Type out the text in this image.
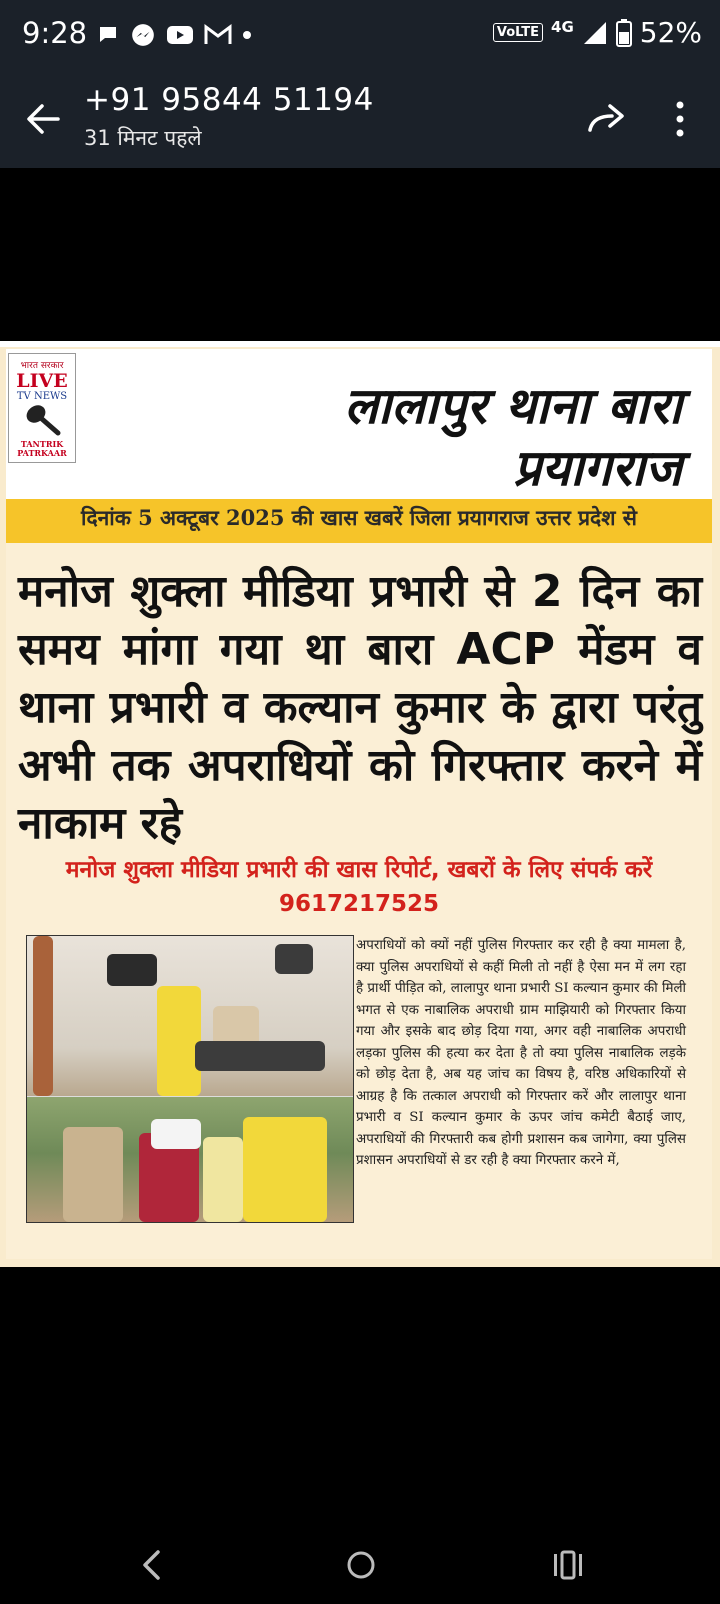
9:28	VoLTE 4G 52%
+91 95844 51194
31 मिनट पहले
भारत सरकार
LIVE
TV NEWS
TANTRIK
PATRKAAR
लालापुर थाना बारा
प्रयागराज
दिनांक 5 अक्टूबर 2025 की खास खबरें जिला प्रयागराज उत्तर प्रदेश से
मनोज शुक्ला मीडिया प्रभारी से 2 दिन का समय मांगा गया था बारा ACP मेंडम व थाना प्रभारी व कल्यान कुमार के द्वारा परंतु अभी तक अपराधियों को गिरफ्तार करने में नाकाम रहे
मनोज शुक्ला मीडिया प्रभारी की खास रिपोर्ट, खबरों के लिए संपर्क करें 9617217525
अपराधियों को क्यों नहीं पुलिस गिरफ्तार कर रही है क्या मामला है, क्या पुलिस अपराधियों से कहीं मिली तो नहीं है ऐसा मन में लग रहा है प्रार्थी पीड़ित को, लालापुर थाना प्रभारी SI कल्यान कुमार की मिली भगत से एक नाबालिक अपराधी ग्राम माझियारी को गिरफ्तार किया गया और इसके बाद छोड़ दिया गया, अगर वही नाबालिक अपराधी लड़का पुलिस की हत्या कर देता है तो क्या पुलिस नाबालिक लड़के को छोड़ देता है, अब यह जांच का विषय है, वरिष्ठ अधिकारियों से आग्रह है कि तत्काल अपराधी को गिरफ्तार करें और लालापुर थाना प्रभारी व SI कल्यान कुमार के ऊपर जांच कमेटी बैठाई जाए, अपराधियों की गिरफ्तारी कब होगी प्रशासन कब जागेगा, क्या पुलिस प्रशासन अपराधियों से डर रही है क्या गिरफ्तार करने में,
